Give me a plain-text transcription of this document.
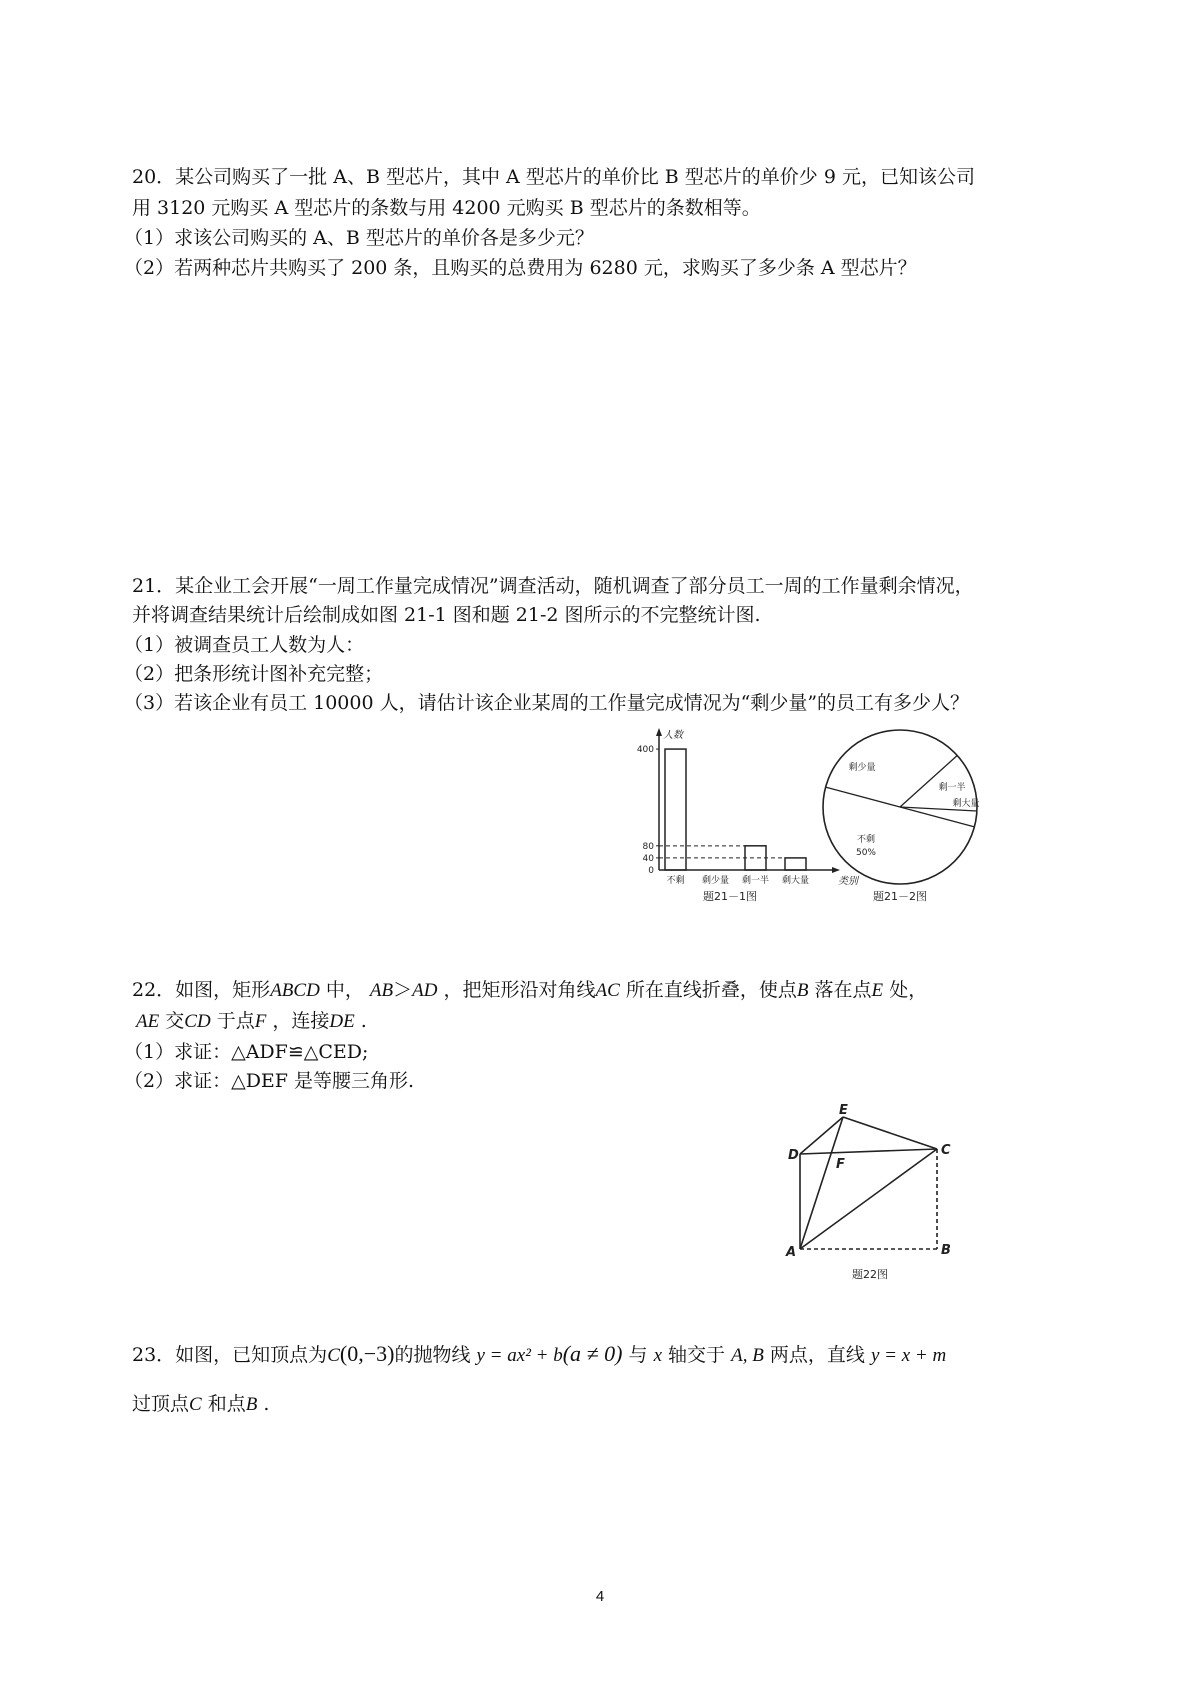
20．某公司购买了一批 A、B 型芯片，其中 A 型芯片的单价比 B 型芯片的单价少 9 元，已知该公司
用 3120 元购买 A 型芯片的条数与用 4200 元购买 B 型芯片的条数相等。
（1）求该公司购买的 A、B 型芯片的单价各是多少元？
（2）若两种芯片共购买了 200 条，且购买的总费用为 6280 元，求购买了多少条 A 型芯片？
21．某企业工会开展“一周工作量完成情况”调查活动，随机调查了部分员工一周的工作量剩余情况，
并将调查结果统计后绘制成如图 21-1 图和题 21-2 图所示的不完整统计图.
（1）被调查员工人数为人：
（2）把条形统计图补充完整；
（3）若该企业有员工 10000 人，请估计该企业某周的工作量完成情况为“剩少量”的员工有多少人？
人数
类别
0
40
80
400
不剩 剩少量 剩一半 剩大量
题21－1图
剩少量
剩一半
剩大量
不剩
50%
题21－2图
22．如图，矩形ABCD 中， AB＞AD ，把矩形沿对角线AC 所在直线折叠，使点B 落在点E 处，
AE 交CD 于点F ，连接DE .
（1）求证：△ADF≌△CED;
（2）求证：△DEF 是等腰三角形.
A	B
C
D
E
F
题22图
23．如图，已知顶点为C(0,−3)的抛物线 y = ax² + b(a ≠ 0) 与 x 轴交于 A, B 两点，直线 y = x + m
过顶点C 和点B .
4
